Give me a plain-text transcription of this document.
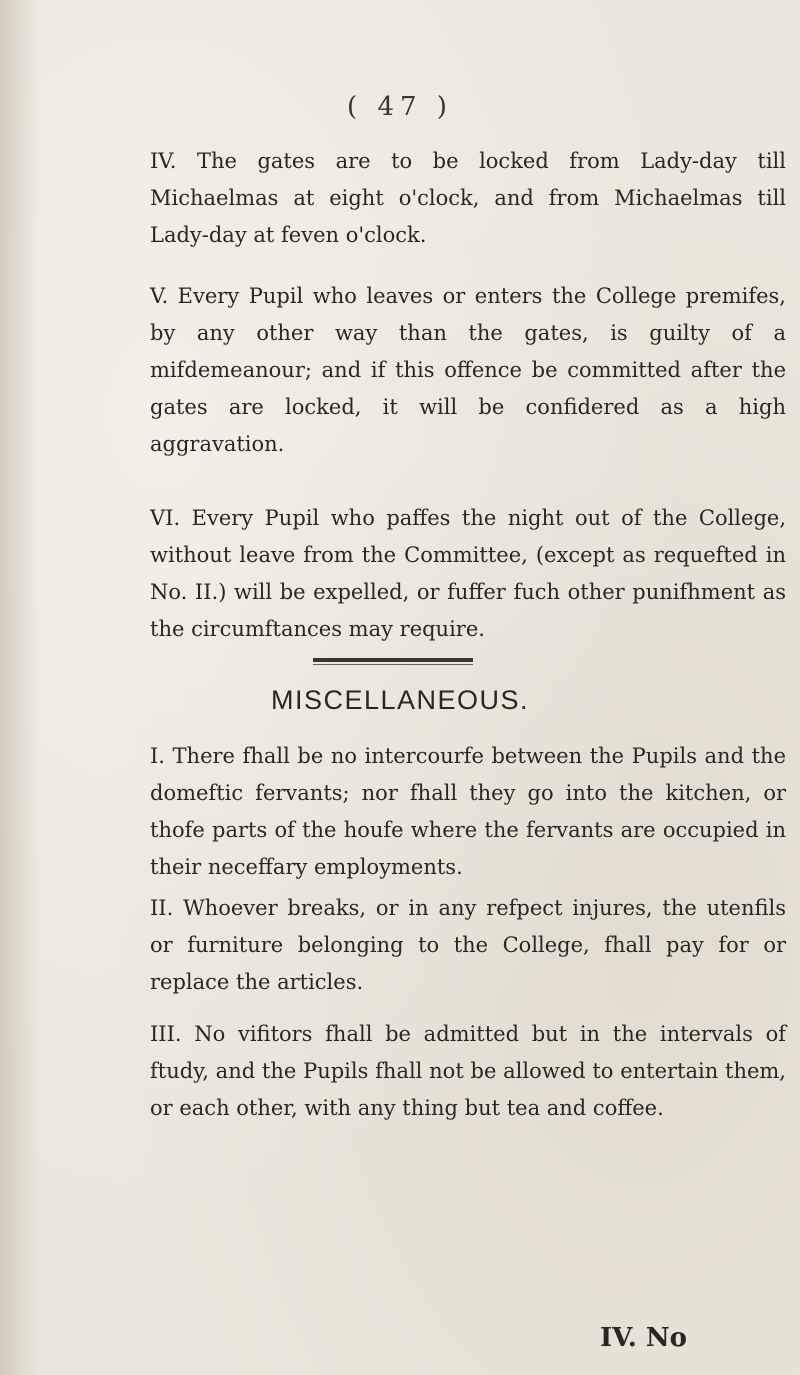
( 47 )

IV. The gates are to be locked from Lady-day till Michaelmas at eight o'clock, and from Michaelmas till Lady-day at feven o'clock.

V. Every Pupil who leaves or enters the College premifes, by any other way than the gates, is guilty of a mifdemeanour; and if this offence be committed after the gates are locked, it will be confidered as a high aggravation.

VI. Every Pupil who paffes the night out of the College, without leave from the Committee, (except as requefted in No. II.) will be expelled, or fuffer fuch other punifhment as the circumftances may require.

MISCELLANEOUS.

I. There fhall be no intercourfe between the Pupils and the domeftic fervants; nor fhall they go into the kitchen, or thofe parts of the houfe where the fervants are occupied in their neceffary employments.

II. Whoever breaks, or in any refpect injures, the utenfils or furniture belonging to the College, fhall pay for or replace the articles.

III. No vifitors fhall be admitted but in the intervals of ftudy, and the Pupils fhall not be allowed to entertain them, or each other, with any thing but tea and coffee.

IV. No
